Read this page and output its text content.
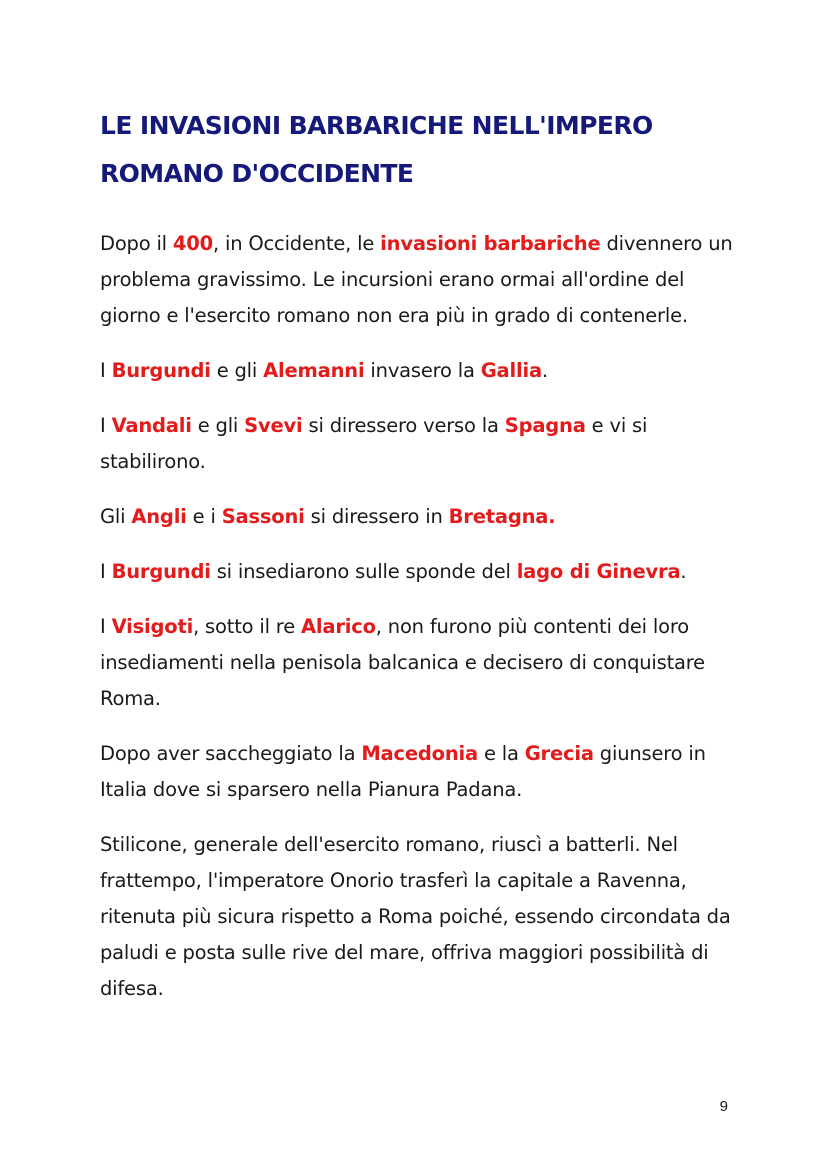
LE INVASIONI BARBARICHE NELL'IMPERO ROMANO D'OCCIDENTE

Dopo il 400, in Occidente, le invasioni barbariche divennero un problema gravissimo. Le incursioni erano ormai all'ordine del giorno e l'esercito romano non era più in grado di contenerle.

I Burgundi e gli Alemanni invasero la Gallia.

I Vandali e gli Svevi si diressero verso la Spagna e vi si stabilirono.

Gli Angli e i Sassoni si diressero in Bretagna.

I Burgundi si insediarono sulle sponde del lago di Ginevra.

I Visigoti, sotto il re Alarico, non furono più contenti dei loro insediamenti nella penisola balcanica e decisero di conquistare Roma.

Dopo aver saccheggiato la Macedonia e la Grecia giunsero in Italia dove si sparsero nella Pianura Padana.

Stilicone, generale dell'esercito romano, riuscì a batterli. Nel frattempo, l'imperatore Onorio trasferì la capitale a Ravenna, ritenuta più sicura rispetto a Roma poiché, essendo circondata da paludi e posta sulle rive del mare, offriva maggiori possibilità di difesa.

9
